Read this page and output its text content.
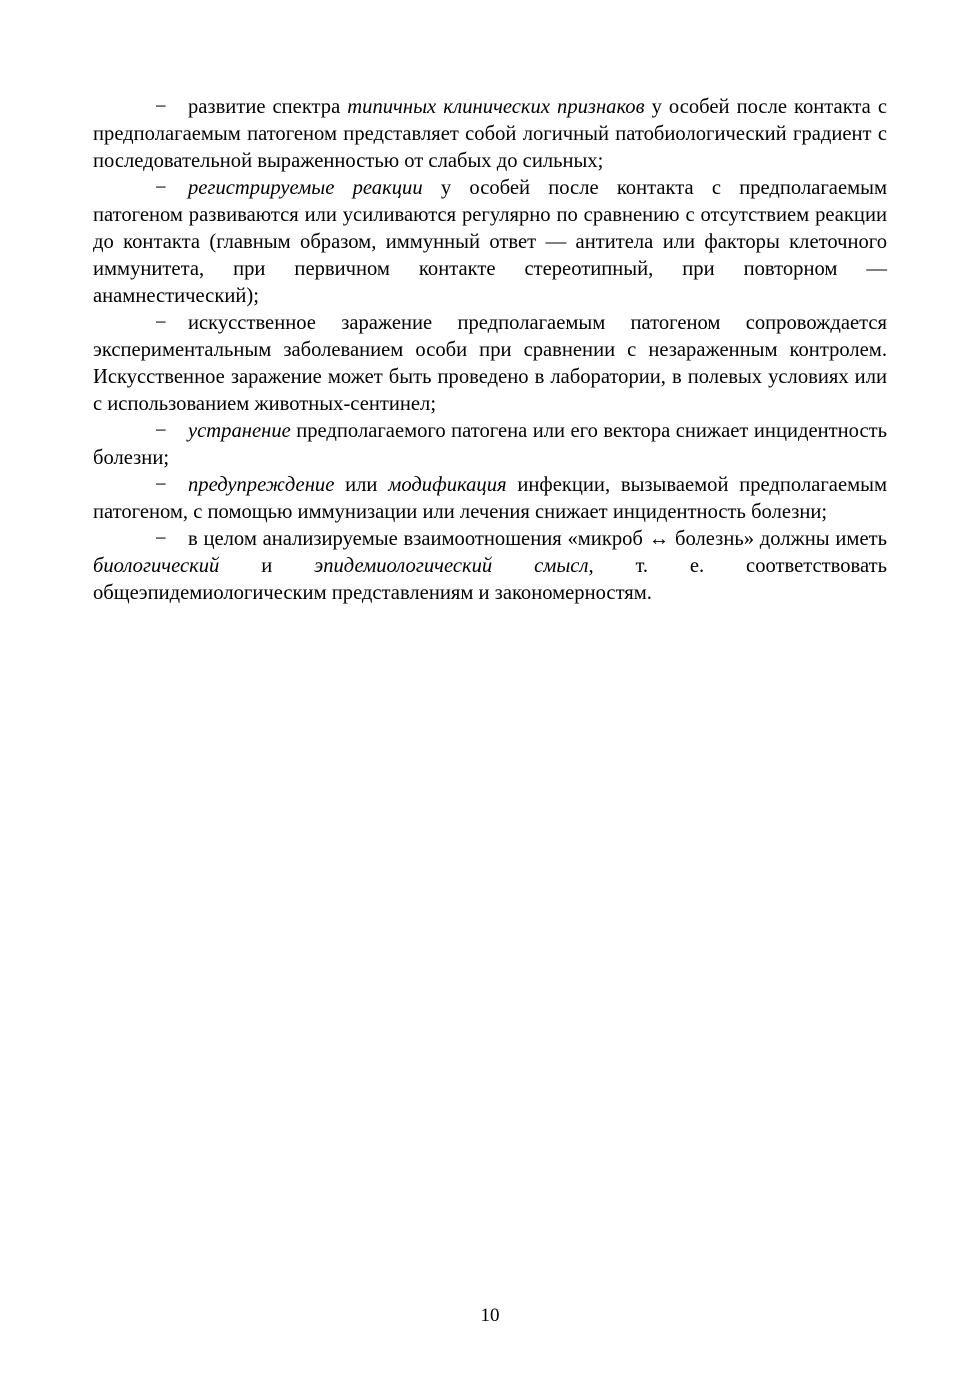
− развитие спектра типичных клинических признаков у особей после контакта с предполагаемым патогеном представляет собой логичный патобиологический градиент с последовательной выраженностью от слабых до сильных;

− регистрируемые реакции у особей после контакта с предполагаемым патогеном развиваются или усиливаются регулярно по сравнению с отсутствием реакции до контакта (главным образом, иммунный ответ — антитела или факторы клеточного иммунитета, при первичном контакте стереотипный, при повторном — анамнестический);

− искусственное заражение предполагаемым патогеном сопровождается экспериментальным заболеванием особи при сравнении с незараженным контролем. Искусственное заражение может быть проведено в лаборатории, в полевых условиях или с использованием животных-сентинел;

− устранение предполагаемого патогена или его вектора снижает инцидентность болезни;

− предупреждение или модификация инфекции, вызываемой предполагаемым патогеном, с помощью иммунизации или лечения снижает инцидентность болезни;

− в целом анализируемые взаимоотношения «микроб ↔ болезнь» должны иметь биологический и эпидемиологический смысл, т. е. соответствовать общеэпидемиологическим представлениям и закономерностям.

10
